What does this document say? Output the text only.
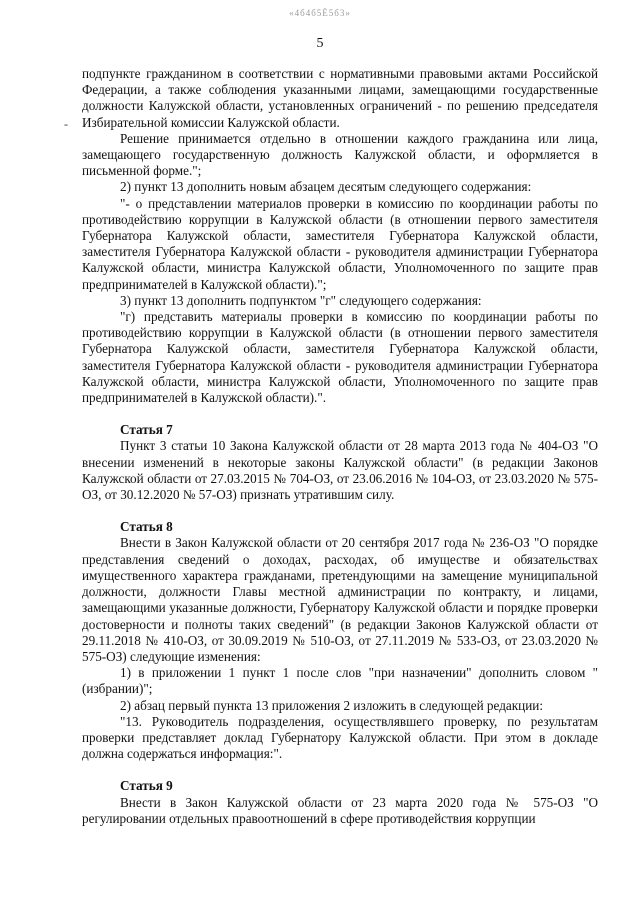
«4б4б5Ё5б3»
5
-

подпункте гражданином в соответствии с нормативными правовыми актами Российской Федерации, а также соблюдения указанными лицами, замещающими государственные должности Калужской области, установленных ограничений - по решению председателя Избирательной комиссии Калужской области.

Решение принимается отдельно в отношении каждого гражданина или лица, замещающего государственную должность Калужской области, и оформляется в письменной форме.";

2) пункт 13 дополнить новым абзацем десятым следующего содержания:

"- о представлении материалов проверки в комиссию по координации работы по противодействию коррупции в Калужской области (в отношении первого заместителя Губернатора Калужской области, заместителя Губернатора Калужской области, заместителя Губернатора Калужской области - руководителя администрации Губернатора Калужской области, министра Калужской области, Уполномоченного по защите прав предпринимателей в Калужской области).";

3) пункт 13 дополнить подпунктом "г" следующего содержания:

"г) представить материалы проверки в комиссию по координации работы по противодействию коррупции в Калужской области (в отношении первого заместителя Губернатора Калужской области, заместителя Губернатора Калужской области, заместителя Губернатора Калужской области - руководителя администрации Губернатора Калужской области, министра Калужской области, Уполномоченного по защите прав предпринимателей в Калужской области).".

Статья 7

Пункт 3 статьи 10 Закона Калужской области от 28 марта 2013 года № 404-ОЗ "О внесении изменений в некоторые законы Калужской области" (в редакции Законов Калужской области от 27.03.2015 № 704-ОЗ, от 23.06.2016 № 104-ОЗ, от 23.03.2020 № 575-ОЗ, от 30.12.2020 № 57-ОЗ) признать утратившим силу.

Статья 8

Внести в Закон Калужской области от 20 сентября 2017 года № 236-ОЗ "О порядке представления сведений о доходах, расходах, об имуществе и обязательствах имущественного характера гражданами, претендующими на замещение муниципальной должности, должности Главы местной администрации по контракту, и лицами, замещающими указанные должности, Губернатору Калужской области и порядке проверки достоверности и полноты таких сведений" (в редакции Законов Калужской области от 29.11.2018 № 410-ОЗ, от 30.09.2019 № 510-ОЗ, от 27.11.2019 № 533-ОЗ, от 23.03.2020 № 575-ОЗ) следующие изменения:

1) в приложении 1 пункт 1 после слов "при назначении" дополнить словом "(избрании)";

2) абзац первый пункта 13 приложения 2 изложить в следующей редакции:

"13. Руководитель подразделения, осуществлявшего проверку, по результатам проверки представляет доклад Губернатору Калужской области. При этом в докладе должна содержаться информация:".

Статья 9

Внести в Закон Калужской области от 23 марта 2020 года № 575-ОЗ "О регулировании отдельных правоотношений в сфере противодействия коррупции
